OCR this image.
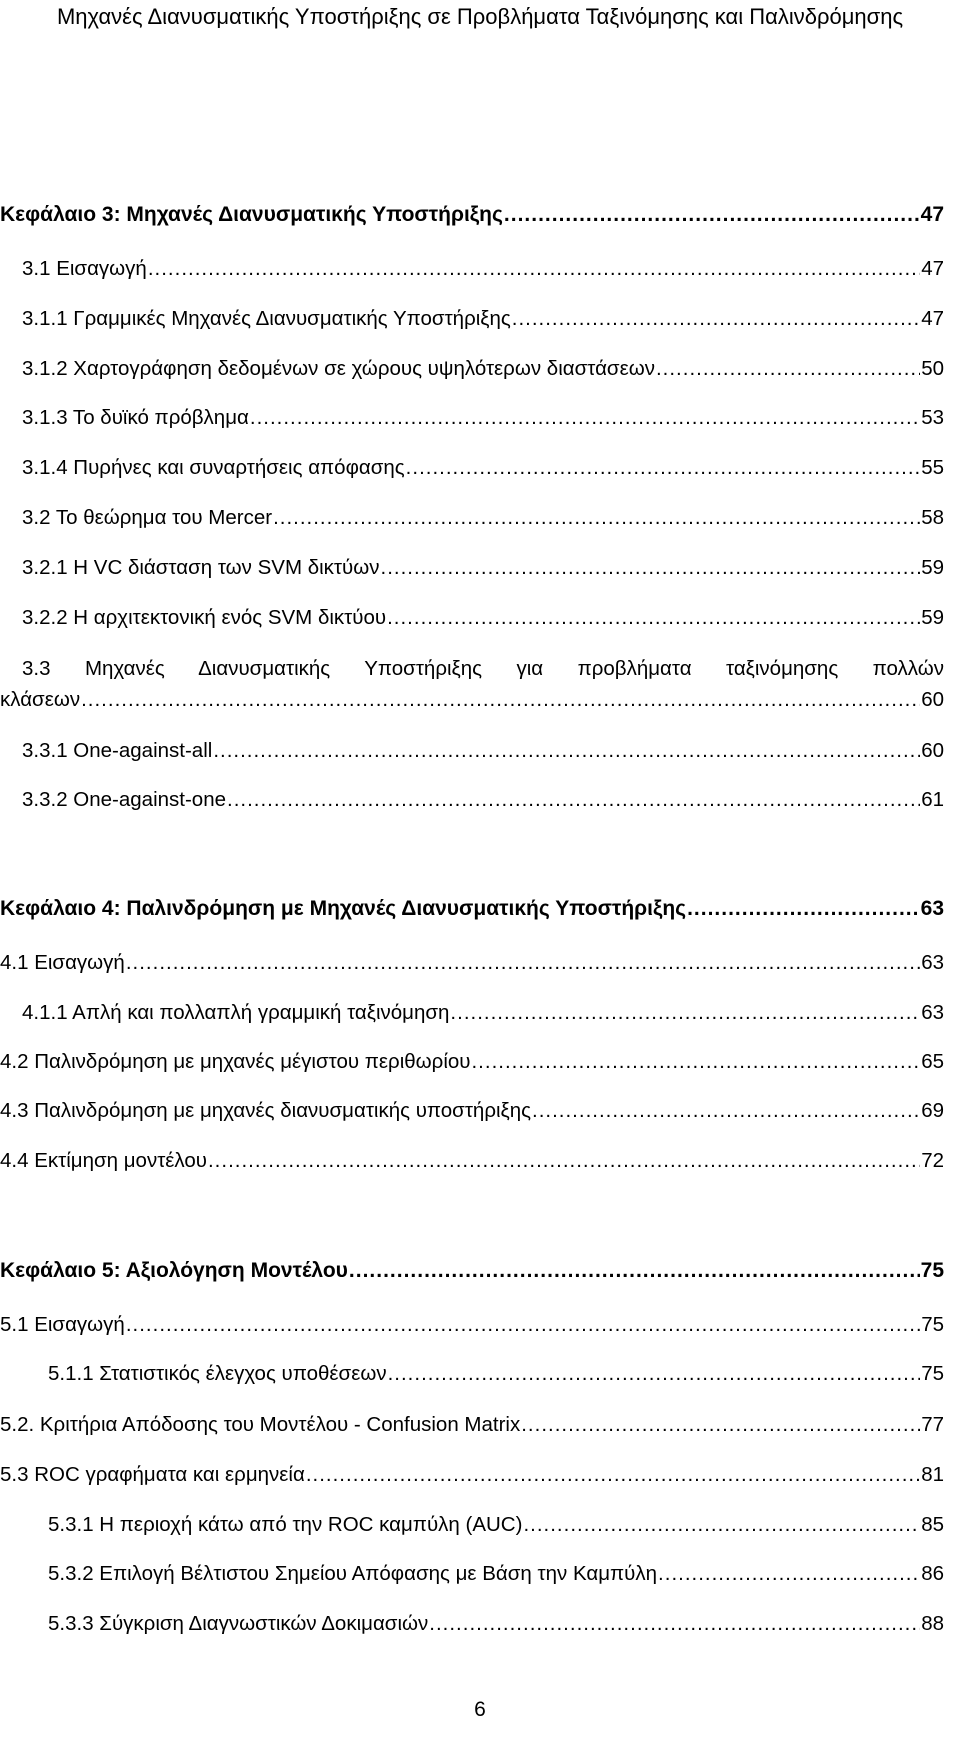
Μηχανές Διανυσματικής Υποστήριξης σε Προβλήματα Ταξινόμησης και Παλινδρόμησης
Κεφάλαιο 3: Μηχανές Διανυσματικής Υποστήριξης .....	47
3.1 Εισαγωγή .....	47
3.1.1 Γραμμικές Μηχανές Διανυσματικής Υποστήριξης .....	47
3.1.2 Χαρτογράφηση δεδομένων σε χώρους υψηλότερων διαστάσεων .....	50
3.1.3 Το δυϊκό πρόβλημα .....	53
3.1.4 Πυρήνες και συναρτήσεις απόφασης .....	55
3.2 Το θεώρημα του Mercer .....	58
3.2.1 Η VC διάσταση των SVM δικτύων .....	59
3.2.2 Η αρχιτεκτονική ενός SVM δικτύου .....	59
3.3 Μηχανές Διανυσματικής Υποστήριξης για προβλήματα ταξινόμησης πολλών
κλάσεων .....	60
3.3.1 One-against-all .....	60
3.3.2 One-against-one .....	61
Κεφάλαιο 4: Παλινδρόμηση με Μηχανές Διανυσματικής Υποστήριξης .....	63
4.1 Εισαγωγή .....	63
4.1.1 Απλή και πολλαπλή γραμμική ταξινόμηση .....	63
4.2 Παλινδρόμηση με μηχανές μέγιστου περιθωρίου .....	65
4.3 Παλινδρόμηση με μηχανές διανυσματικής υποστήριξης .....	69
4.4 Εκτίμηση μοντέλου .....	72
Κεφάλαιο 5: Αξιολόγηση Μοντέλου .....	75
5.1 Εισαγωγή .....	75
5.1.1 Στατιστικός έλεγχος υποθέσεων .....	75
5.2. Κριτήρια Απόδοσης του Μοντέλου - Confusion Matrix .....	77
5.3 ROC γραφήματα και ερμηνεία .....	81
5.3.1 Η περιοχή κάτω από την ROC καμπύλη (AUC) .....	85
5.3.2 Επιλογή Βέλτιστου Σημείου Απόφασης με Βάση την Καμπύλη .....	86
5.3.3 Σύγκριση Διαγνωστικών Δοκιμασιών .....	88
6
